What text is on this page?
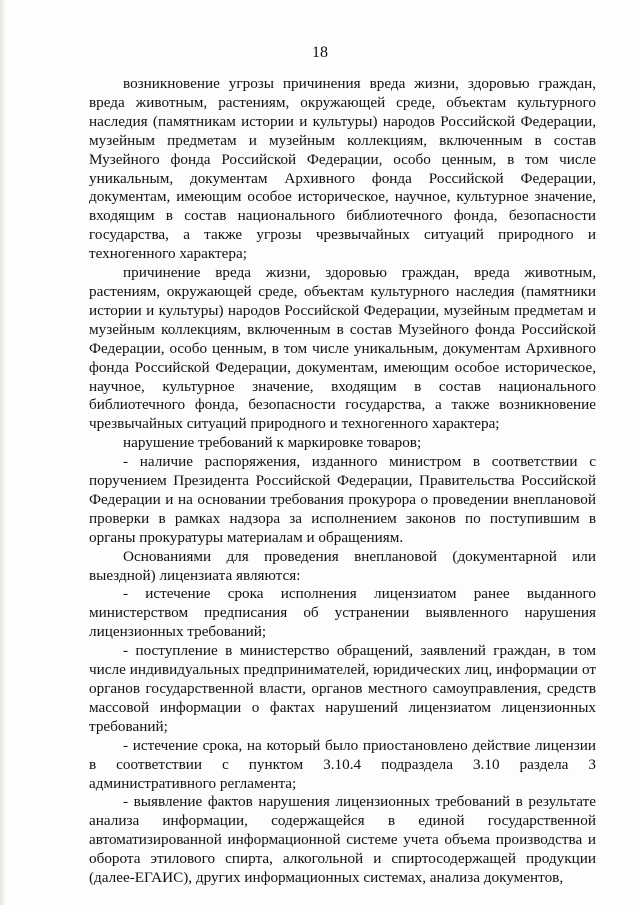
18

возникновение угрозы причинения вреда жизни, здоровью граждан, вреда животным, растениям, окружающей среде, объектам культурного наследия (памятникам истории и культуры) народов Российской Федерации, музейным предметам и музейным коллекциям, включенным в состав Музейного фонда Российской Федерации, особо ценным, в том числе уникальным, документам Архивного фонда Российской Федерации, документам, имеющим особое историческое, научное, культурное значение, входящим в состав национального библиотечного фонда, безопасности государства, а также угрозы чрезвычайных ситуаций природного и техногенного характера;

причинение вреда жизни, здоровью граждан, вреда животным, растениям, окружающей среде, объектам культурного наследия (памятники истории и культуры) народов Российской Федерации, музейным предметам и музейным коллекциям, включенным в состав Музейного фонда Российской Федерации, особо ценным, в том числе уникальным, документам Архивного фонда Российской Федерации, документам, имеющим особое историческое, научное, культурное значение, входящим в состав национального библиотечного фонда, безопасности государства, а также возникновение чрезвычайных ситуаций природного и техногенного характера;

нарушение требований к маркировке товаров;

- наличие распоряжения, изданного министром в соответствии с поручением Президента Российской Федерации, Правительства Российской Федерации и на основании требования прокурора о проведении внеплановой проверки в рамках надзора за исполнением законов по поступившим в органы прокуратуры материалам и обращениям.

Основаниями для проведения внеплановой (документарной или выездной) лицензиата являются:

- истечение срока исполнения лицензиатом ранее выданного министерством предписания об устранении выявленного нарушения лицензионных требований;

- поступление в министерство обращений, заявлений граждан, в том числе индивидуальных предпринимателей, юридических лиц, информации от органов государственной власти, органов местного самоуправления, средств массовой информации о фактах нарушений лицензиатом лицензионных требований;

- истечение срока, на который было приостановлено действие лицензии в соответствии с пунктом 3.10.4 подраздела 3.10 раздела 3 административного регламента;

- выявление фактов нарушения лицензионных требований в результате анализа информации, содержащейся в единой государственной автоматизированной информационной системе учета объема производства и оборота этилового спирта, алкогольной и спиртосодержащей продукции (далее-ЕГАИС), других информационных системах, анализа документов,
